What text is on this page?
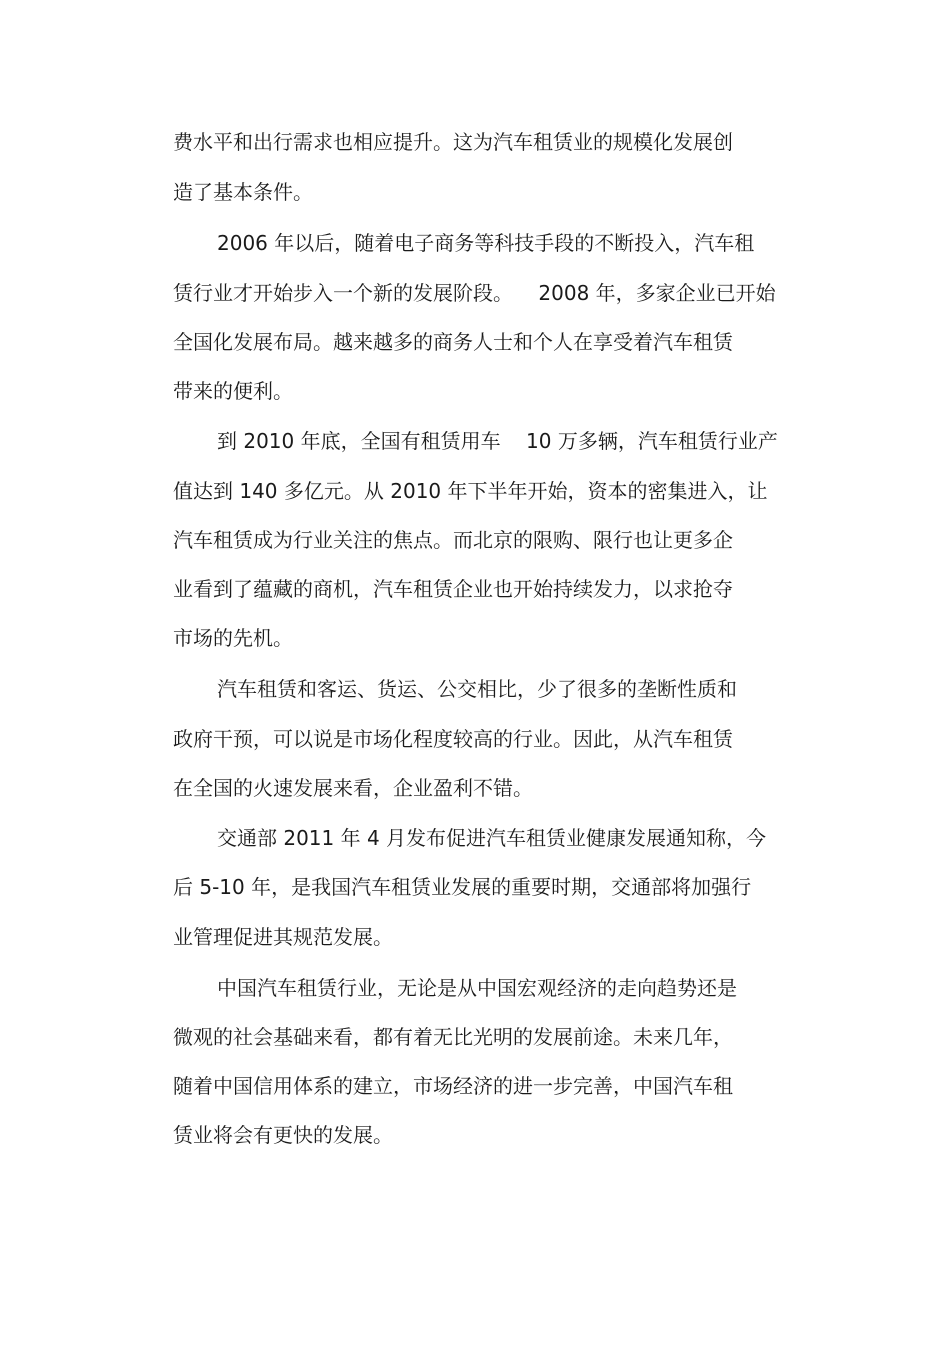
费水平和出行需求也相应提升。这为汽车租赁业的规模化发展创
造了基本条件。
2006 年以后，随着电子商务等科技手段的不断投入，汽车租
赁行业才开始步入一个新的发展阶段。    2008 年，多家企业已开始
全国化发展布局。越来越多的商务人士和个人在享受着汽车租赁
带来的便利。
到 2010 年底，全国有租赁用车    10 万多辆，汽车租赁行业产
值达到 140 多亿元。从 2010 年下半年开始，资本的密集进入，让
汽车租赁成为行业关注的焦点。而北京的限购、限行也让更多企
业看到了蕴藏的商机，汽车租赁企业也开始持续发力，以求抢夺
市场的先机。
汽车租赁和客运、货运、公交相比，少了很多的垄断性质和
政府干预，可以说是市场化程度较高的行业。因此，从汽车租赁
在全国的火速发展来看，企业盈利不错。
交通部 2011 年 4 月发布促进汽车租赁业健康发展通知称，今
后 5-10 年，是我国汽车租赁业发展的重要时期，交通部将加强行
业管理促进其规范发展。
中国汽车租赁行业，无论是从中国宏观经济的走向趋势还是
微观的社会基础来看，都有着无比光明的发展前途。未来几年，
随着中国信用体系的建立，市场经济的进一步完善，中国汽车租
赁业将会有更快的发展。
